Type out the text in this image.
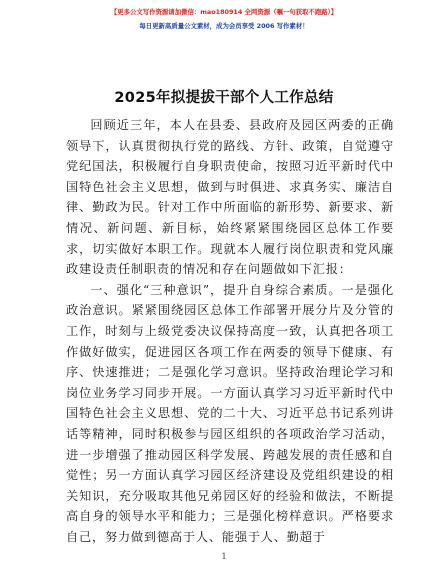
【更多公文写作资源请加微信：mao180914 全网资源（嘱一句获取不跑路）】
每日更新高质量公文素材，成为会员享受 2006 写作素材！
2025年拟提拔干部个人工作总结

回顾近三年，本人在县委、县政府及园区两委的正确领导下，认真贯彻执行党的路线、方针、政策，自觉遵守党纪国法，积极履行自身职责使命，按照习近平新时代中国特色社会主义思想，做到与时俱进、求真务实、廉洁自律、勤政为民。针对工作中所面临的新形势、新要求、新情况、新问题、新目标，始终紧紧围绕园区总体工作要求，切实做好本职工作。现就本人履行岗位职责和党风廉政建设责任制职责的情况和存在问题做如下汇报：

一、强化“三种意识”，提升自身综合素质。一是强化政治意识。紧紧围绕园区总体工作部署开展分片及分管的工作，时刻与上级党委决议保持高度一致，认真把各项工作做好做实，促进园区各项工作在两委的领导下健康、有序、快速推进；二是强化学习意识。坚持政治理论学习和岗位业务学习同步开展。一方面认真学习习近平新时代中国特色社会主义思想、党的二十大、习近平总书记系列讲话等精神，同时积极参与园区组织的各项政治学习活动，进一步增强了推动园区科学发展、跨越发展的责任感和自觉性；另一方面认真学习园区经济建设及党组织建设的相关知识，充分吸取其他兄弟园区好的经验和做法，不断提高自身的领导水平和能力；三是强化榜样意识。严格要求自己，努力做到德高于人、能强于人、勤超于

1
